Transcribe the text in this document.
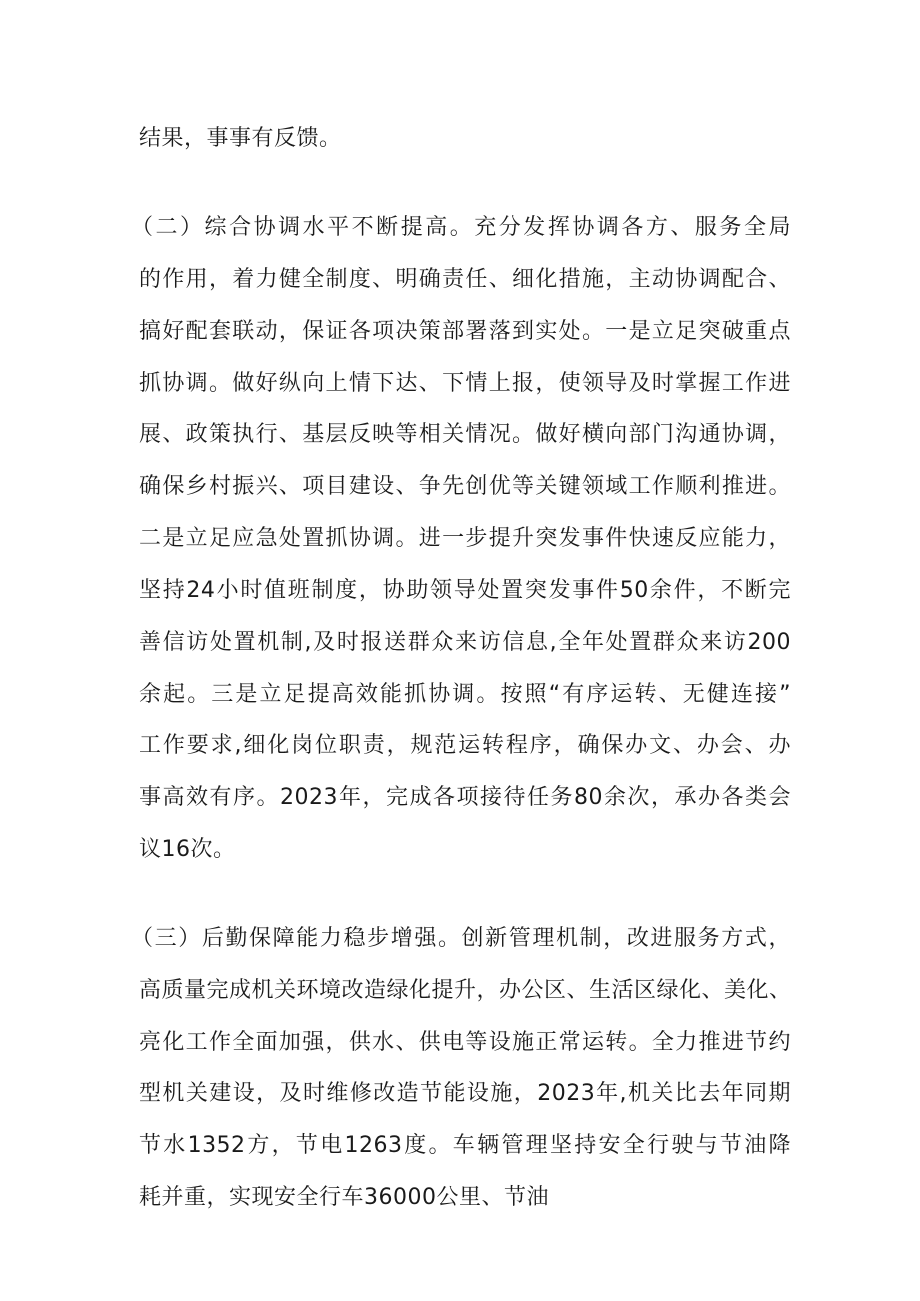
结果，事事有反馈。
（二）综合协调水平不断提高。充分发挥协调各方、服务全局
的作用，着力健全制度、明确责任、细化措施，主动协调配合、
搞好配套联动，保证各项决策部署落到实处。一是立足突破重点
抓协调。做好纵向上情下达、下情上报，使领导及时掌握工作进
展、政策执行、基层反映等相关情况。做好横向部门沟通协调，
确保乡村振兴、项目建设、争先创优等关键领域工作顺利推进。
二是立足应急处置抓协调。进一步提升突发事件快速反应能力，
坚持24小时值班制度，协助领导处置突发事件50余件，不断完
善信访处置机制,及时报送群众来访信息,全年处置群众来访200
余起。三是立足提高效能抓协调。按照“有序运转、无健连接”
工作要求,细化岗位职责，规范运转程序，确保办文、办会、办
事高效有序。2023年，完成各项接待任务80余次，承办各类会
议16次。
（三）后勤保障能力稳步增强。创新管理机制，改进服务方式，
高质量完成机关环境改造绿化提升，办公区、生活区绿化、美化、
亮化工作全面加强，供水、供电等设施正常运转。全力推进节约
型机关建设，及时维修改造节能设施，2023年,机关比去年同期
节水1352方，节电1263度。车辆管理坚持安全行驶与节油降
耗并重，实现安全行车36000公里、节油
